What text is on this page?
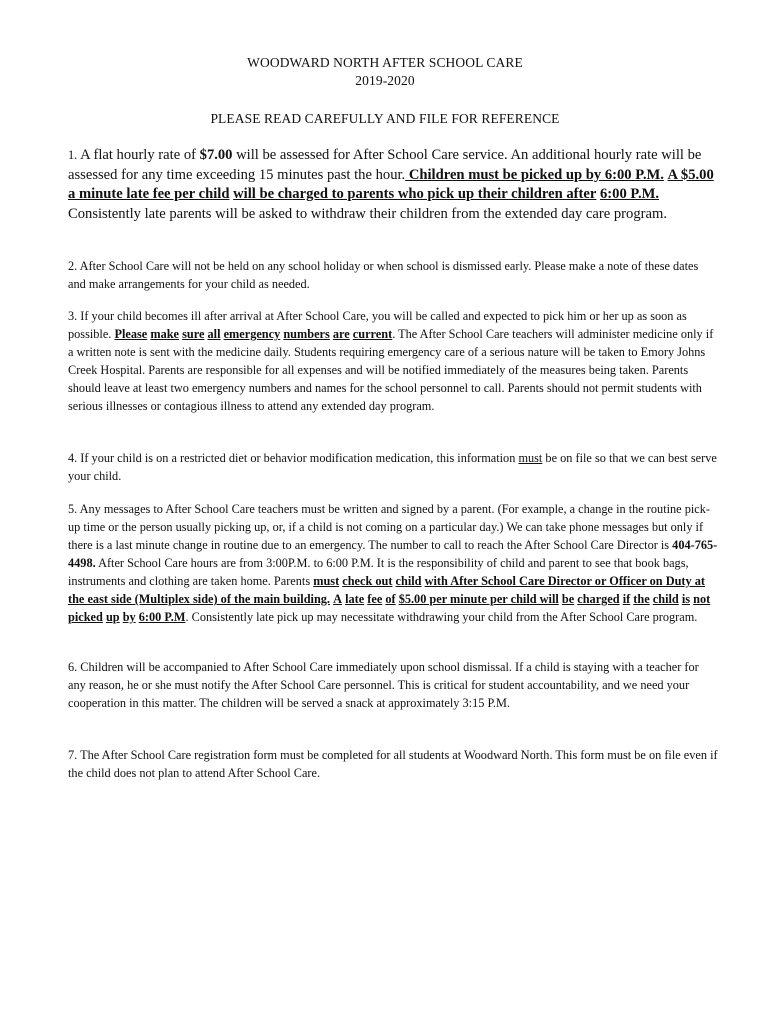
WOODWARD NORTH AFTER SCHOOL CARE
2019-2020
PLEASE READ CAREFULLY AND FILE FOR REFERENCE
1. A flat hourly rate of $7.00 will be assessed for After School Care service. An additional hourly rate will be assessed for any time exceeding 15 minutes past the hour. Children must be picked up by 6:00 P.M. A $5.00 a minute late fee per child will be charged to parents who pick up their children after 6:00 P.M. Consistently late parents will be asked to withdraw their children from the extended day care program.
2. After School Care will not be held on any school holiday or when school is dismissed early. Please make a note of these dates and make arrangements for your child as needed.
3. If your child becomes ill after arrival at After School Care, you will be called and expected to pick him or her up as soon as possible. Please make sure all emergency numbers are current. The After School Care teachers will administer medicine only if a written note is sent with the medicine daily. Students requiring emergency care of a serious nature will be taken to Emory Johns Creek Hospital. Parents are responsible for all expenses and will be notified immediately of the measures being taken. Parents should leave at least two emergency numbers and names for the school personnel to call. Parents should not permit students with serious illnesses or contagious illness to attend any extended day program.
4. If your child is on a restricted diet or behavior modification medication, this information must be on file so that we can best serve your child.
5. Any messages to After School Care teachers must be written and signed by a parent. (For example, a change in the routine pick-up time or the person usually picking up, or, if a child is not coming on a particular day.) We can take phone messages but only if there is a last minute change in routine due to an emergency. The number to call to reach the After School Care Director is 404-765-4498. After School Care hours are from 3:00P.M. to 6:00 P.M. It is the responsibility of child and parent to see that book bags, instruments and clothing are taken home. Parents must check out child with After School Care Director or Officer on Duty at the east side (Multiplex side) of the main building. A late fee of $5.00 per minute per child will be charged if the child is not picked up by 6:00 P.M. Consistently late pick up may necessitate withdrawing your child from the After School Care program.
6. Children will be accompanied to After School Care immediately upon school dismissal. If a child is staying with a teacher for any reason, he or she must notify the After School Care personnel. This is critical for student accountability, and we need your cooperation in this matter. The children will be served a snack at approximately 3:15 P.M.
7. The After School Care registration form must be completed for all students at Woodward North. This form must be on file even if the child does not plan to attend After School Care.
